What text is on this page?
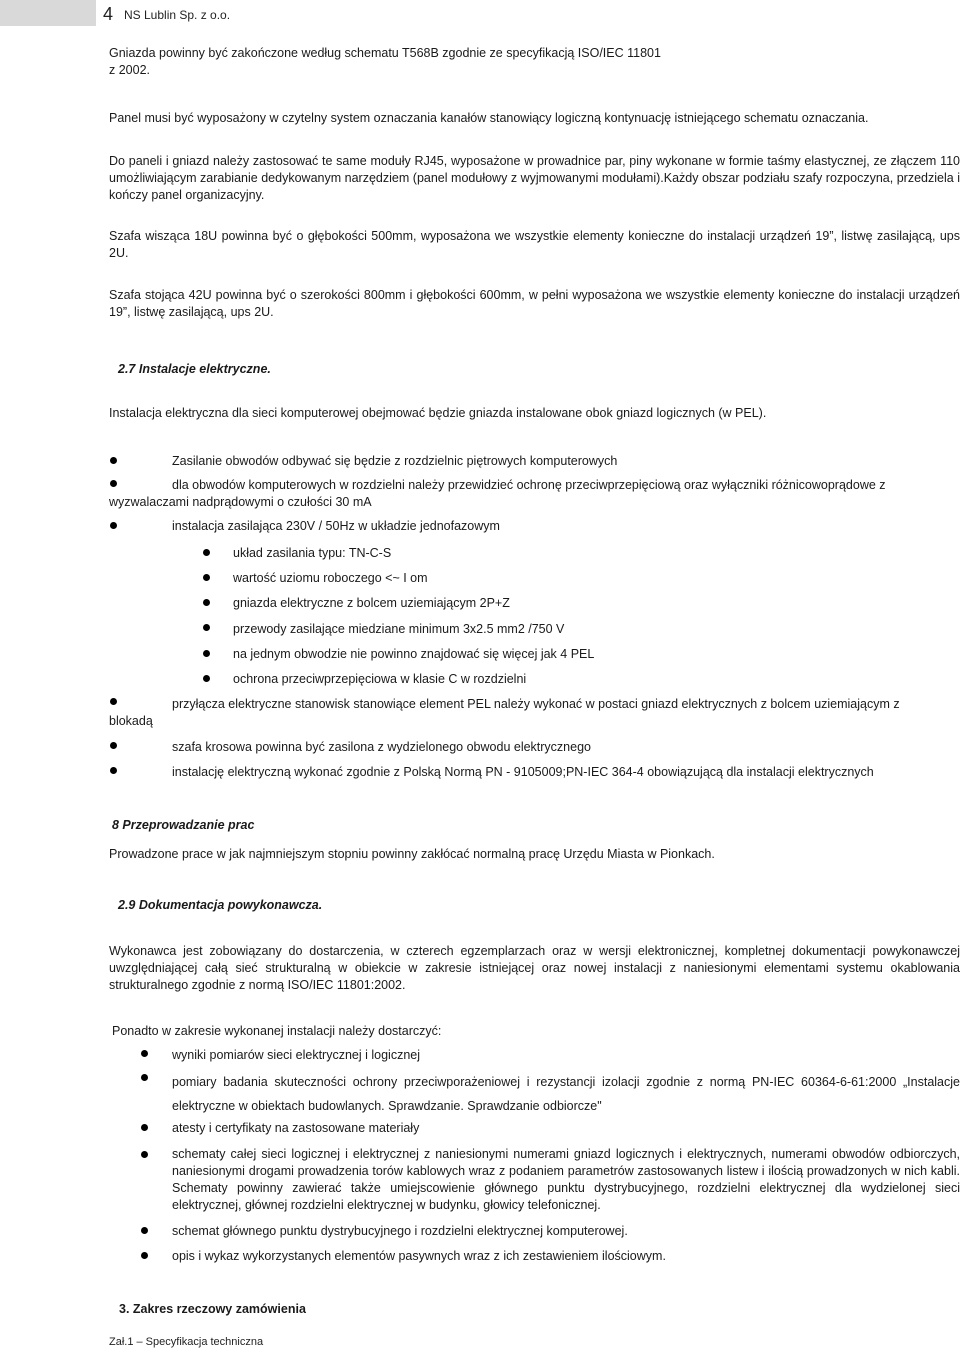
4 NS Lublin Sp. z o.o.
Gniazda powinny być zakończone według schematu T568B zgodnie ze specyfikacją ISO/IEC 11801 z 2002.
Panel musi być wyposażony w czytelny system oznaczania kanałów stanowiący logiczną kontynuację istniejącego schematu oznaczania.
Do paneli i gniazd należy zastosować te same moduły RJ45, wyposażone w prowadnice par, piny wykonane w formie taśmy elastycznej, ze złączem 110 umożliwiającym zarabianie dedykowanym narzędziem (panel modułowy z wyjmowanymi modułami).Każdy obszar podziału szafy rozpoczyna, przedziela i kończy panel organizacyjny.
Szafa wisząca 18U powinna być o głębokości 500mm, wyposażona we wszystkie elementy konieczne do instalacji urządzeń 19”, listwę zasilającą, ups 2U.
Szafa stojąca 42U powinna być o szerokości 800mm i głębokości 600mm, w pełni wyposażona we wszystkie elementy konieczne do instalacji urządzeń 19”, listwę zasilającą, ups 2U.
2.7 Instalacje elektryczne.
Instalacja elektryczna dla sieci komputerowej obejmować będzie gniazda instalowane obok gniazd logicznych (w PEL).
Zasilanie obwodów odbywać się będzie z rozdzielnic piętrowych komputerowych
dla obwodów komputerowych w rozdzielni należy przewidzieć ochronę przeciwprzepięciową oraz wyłączniki różnicowoprądowe z
wyzwalaczami nadprądowymi o czułości 30 mA
instalacja zasilająca 230V / 50Hz w układzie jednofazowym
układ zasilania typu: TN-C-S
wartość uziomu roboczego <~ I om
gniazda elektryczne z bolcem uziemiającym 2P+Z
przewody zasilające miedziane minimum 3x2.5 mm2 /750 V
na jednym obwodzie nie powinno znajdować się więcej jak 4 PEL
ochrona przeciwprzepięciowa w klasie C w rozdzielni
przyłącza elektryczne stanowisk stanowiące element PEL należy wykonać w postaci gniazd elektrycznych z bolcem uziemiającym z
blokadą
szafa krosowa powinna być zasilona z wydzielonego obwodu elektrycznego
instalację elektryczną wykonać zgodnie z Polską Normą PN - 9105009;PN-IEC 364-4 obowiązującą dla instalacji elektrycznych
8 Przeprowadzanie prac
Prowadzone prace w jak najmniejszym stopniu powinny zakłócać normalną pracę Urzędu Miasta w Pionkach.
2.9 Dokumentacja powykonawcza.
Wykonawca jest zobowiązany do dostarczenia, w czterech egzemplarzach oraz w wersji elektronicznej, kompletnej dokumentacji powykonawczej uwzględniającej całą sieć strukturalną w obiekcie w zakresie istniejącej oraz nowej instalacji z naniesionymi elementami systemu okablowania strukturalnego zgodnie z normą ISO/IEC 11801:2002.
Ponadto w zakresie wykonanej instalacji należy dostarczyć:
wyniki pomiarów sieci elektrycznej i logicznej
pomiary badania skuteczności ochrony przeciwporażeniowej i rezystancji izolacji zgodnie z normą PN-IEC 60364-6-61:2000 „Instalacje elektryczne w obiektach budowlanych. Sprawdzanie. Sprawdzanie odbiorcze"
atesty i certyfikaty na zastosowane materiały
schematy całej sieci logicznej i elektrycznej z naniesionymi numerami gniazd logicznych i elektrycznych, numerami obwodów odbiorczych, naniesionymi drogami prowadzenia torów kablowych wraz z podaniem parametrów zastosowanych listew i ilością prowadzonych w nich kabli. Schematy powinny zawierać także umiejscowienie głównego punktu dystrybucyjnego, rozdzielni elektrycznej dla wydzielonej sieci elektrycznej, głównej rozdzielni elektrycznej w budynku, głowicy telefonicznej.
schemat głównego punktu dystrybucyjnego i rozdzielni elektrycznej komputerowej.
opis i wykaz wykorzystanych elementów pasywnych wraz z ich zestawieniem ilościowym.
3. Zakres rzeczowy zamówienia
Zał.1 – Specyfikacja techniczna
